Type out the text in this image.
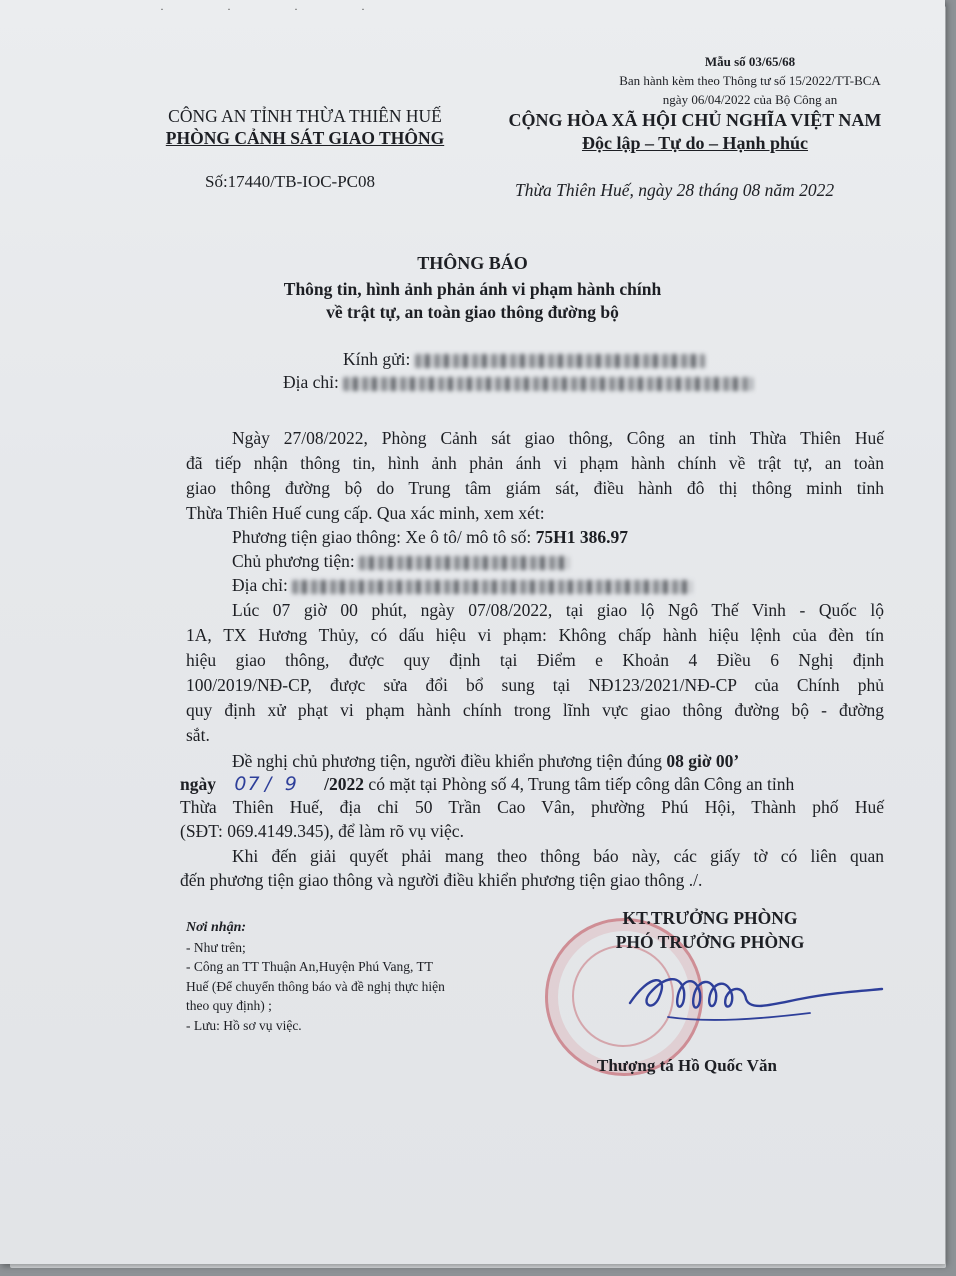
· · · ·
Mẫu số 03/65/68
Ban hành kèm theo Thông tư số 15/2022/TT-BCA
ngày 06/04/2022 của Bộ Công an
CÔNG AN TỈNH THỪA THIÊN HUẾ
PHÒNG CẢNH SÁT GIAO THÔNG
Số:17440/TB-IOC-PC08
CỘNG HÒA XÃ HỘI CHỦ NGHĨA VIỆT NAM
Độc lập – Tự do – Hạnh phúc
Thừa Thiên Huế, ngày 28 tháng 08 năm 2022
THÔNG BÁO
Thông tin, hình ảnh phản ánh vi phạm hành chính
về trật tự, an toàn giao thông đường bộ
Kính gửi:
Địa chỉ:
Ngày 27/08/2022, Phòng Cảnh sát giao thông, Công an tỉnh Thừa Thiên Huế
đã tiếp nhận thông tin, hình ảnh phản ánh vi phạm hành chính về trật tự, an toàn
giao thông đường bộ do Trung tâm giám sát, điều hành đô thị thông minh tỉnh
Thừa Thiên Huế cung cấp. Qua xác minh, xem xét:
Phương tiện giao thông: Xe ô tô/ mô tô số: 75H1 386.97
Chủ phương tiện:
Địa chỉ:
Lúc 07 giờ 00 phút, ngày 07/08/2022, tại giao lộ Ngô Thế Vinh - Quốc lộ
1A, TX Hương Thủy, có dấu hiệu vi phạm: Không chấp hành hiệu lệnh của đèn tín
hiệu giao thông, được quy định tại Điểm e Khoản 4 Điều 6 Nghị định
100/2019/NĐ-CP, được sửa đổi bổ sung tại NĐ123/2021/NĐ-CP của Chính phủ
quy định xử phạt vi phạm hành chính trong lĩnh vực giao thông đường bộ - đường
sắt.
Đề nghị chủ phương tiện, người điều khiển phương tiện đúng 08 giờ 00’
ngày 07 / 9 /2022 có mặt tại Phòng số 4, Trung tâm tiếp công dân Công an tỉnh
Thừa Thiên Huế, địa chỉ 50 Trần Cao Vân, phường Phú Hội, Thành phố Huế
(SĐT: 069.4149.345), để làm rõ vụ việc.
Khi đến giải quyết phải mang theo thông báo này, các giấy tờ có liên quan
đến phương tiện giao thông và người điều khiển phương tiện giao thông ./.
Nơi nhận:
- Như trên;
- Công an TT Thuận An,Huyện Phú Vang, TT
Huế (Để chuyển thông báo và đề nghị thực hiện
theo quy định) ;
- Lưu: Hồ sơ vụ việc.
KT.TRƯỞNG PHÒNG
PHÓ TRƯỞNG PHÒNG
Thượng tá Hồ Quốc Văn
